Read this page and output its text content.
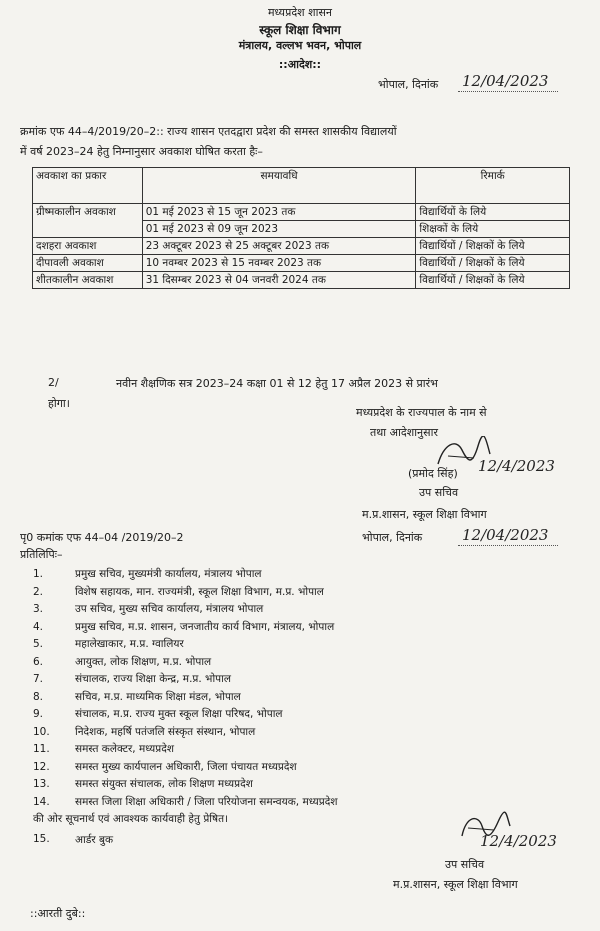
मध्यप्रदेश शासन
स्कूल शिक्षा विभाग
मंत्रालय, वल्लभ भवन, भोपाल
::आदेश::
भोपाल, दिनांक 12/04/2023
क्रमांक एफ 44–4/2019/20–2:: राज्य शासन एतदद्वारा प्रदेश की समस्त शासकीय विद्यालयों
में वर्ष 2023–24 हेतु निम्नानुसार अवकाश घोषित करता हैः–
अवकाश का प्रकार	समयावधि	रिमार्क
ग्रीष्मकालीन अवकाश	01 मई 2023 से 15 जून 2023 तक	विद्यार्थियों के लिये
	01 मई 2023 से 09 जून 2023	शिक्षकों के लिये
दशहरा अवकाश	23 अक्टूबर 2023 से 25 अक्टूबर 2023 तक	विद्यार्थियों / शिक्षकों के लिये
दीपावली अवकाश	10 नवम्बर 2023 से 15 नवम्बर 2023 तक	विद्यार्थियों / शिक्षकों के लिये
शीतकालीन अवकाश	31 दिसम्बर 2023 से 04 जनवरी 2024 तक	विद्यार्थियों / शिक्षकों के लिये
2/	नवीन शैक्षणिक सत्र 2023–24 कक्षा 01 से 12 हेतु 17 अप्रैल 2023 से प्रारंभ
होगा।
मध्यप्रदेश के राज्यपाल के नाम से
तथा आदेशानुसार
(प्रमोद सिंह) 12/4/2023
उप सचिव
म.प्र.शासन, स्कूल शिक्षा विभाग
पृ0 कमांक एफ 44–04 /2019/20–2	भोपाल, दिनांक	12/04/2023
प्रतिलिपिः–
1.	प्रमुख सचिव, मुख्यमंत्री कार्यालय, मंत्रालय भोपाल
2.	विशेष सहायक, मान. राज्यमंत्री, स्कूल शिक्षा विभाग, म.प्र. भोपाल
3.	उप सचिव, मुख्य सचिव कार्यालय, मंत्रालय भोपाल
4.	प्रमुख सचिव, म.प्र. शासन, जनजातीय कार्य विभाग, मंत्रालय, भोपाल
5.	महालेखाकार, म.प्र. ग्वालियर
6.	आयुक्त, लोक शिक्षण, म.प्र. भोपाल
7.	संचालक, राज्य शिक्षा केन्द्र, म.प्र. भोपाल
8.	सचिव, म.प्र. माध्यमिक शिक्षा मंडल, भोपाल
9.	संचालक, म.प्र. राज्य मुक्त स्कूल शिक्षा परिषद, भोपाल
10.	निदेशक, महर्षि पतंजलि संस्कृत संस्थान, भोपाल
11.	समस्त कलेक्टर, मध्यप्रदेश
12.	समस्त मुख्य कार्यपालन अधिकारी, जिला पंचायत मध्यप्रदेश
13.	समस्त संयुक्त संचालक, लोक शिक्षण मध्यप्रदेश
14.	समस्त जिला शिक्षा अधिकारी / जिला परियोजना समन्वयक, मध्यप्रदेश
की ओर सूचनार्थ एवं आवश्यक कार्यवाही हेतु प्रेषित।
15. आर्डर बुक	12/4/2023
उप सचिव
म.प्र.शासन, स्कूल शिक्षा विभाग
::आरती दुबे::
